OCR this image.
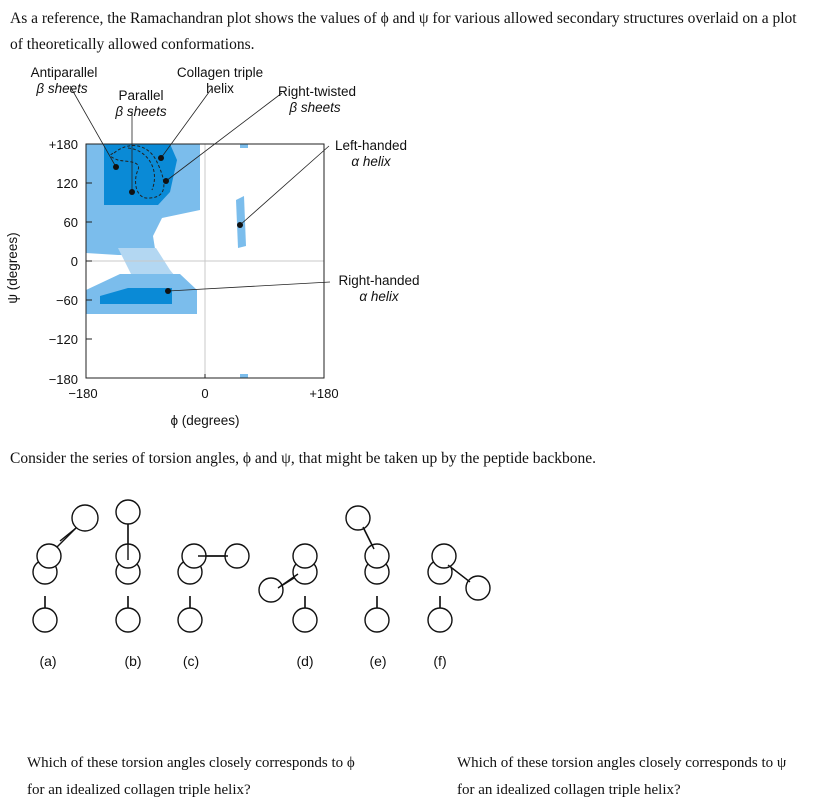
As a reference, the Ramachandran plot shows the values of ϕ and ψ for various allowed secondary structures overlaid on a plot
of theoretically allowed conformations.
+180
120
60
0
−60
−120
−180
−180	0	+180
ϕ (degrees)
ψ (degrees)
Antiparallel
β sheets Parallel
β sheets
Collagen triple
helix	Right-twisted
β sheets
Left-handed
α helix
Right-handed
α helix
Consider the series of torsion angles, ϕ and ψ, that might be taken up by the peptide backbone.
(a)	(b)	(c)	(d)	(e)	(f)
Which of these torsion angles closely corresponds to ϕ
for an idealized collagen triple helix?
Which of these torsion angles closely corresponds to ψ
for an idealized collagen triple helix?
